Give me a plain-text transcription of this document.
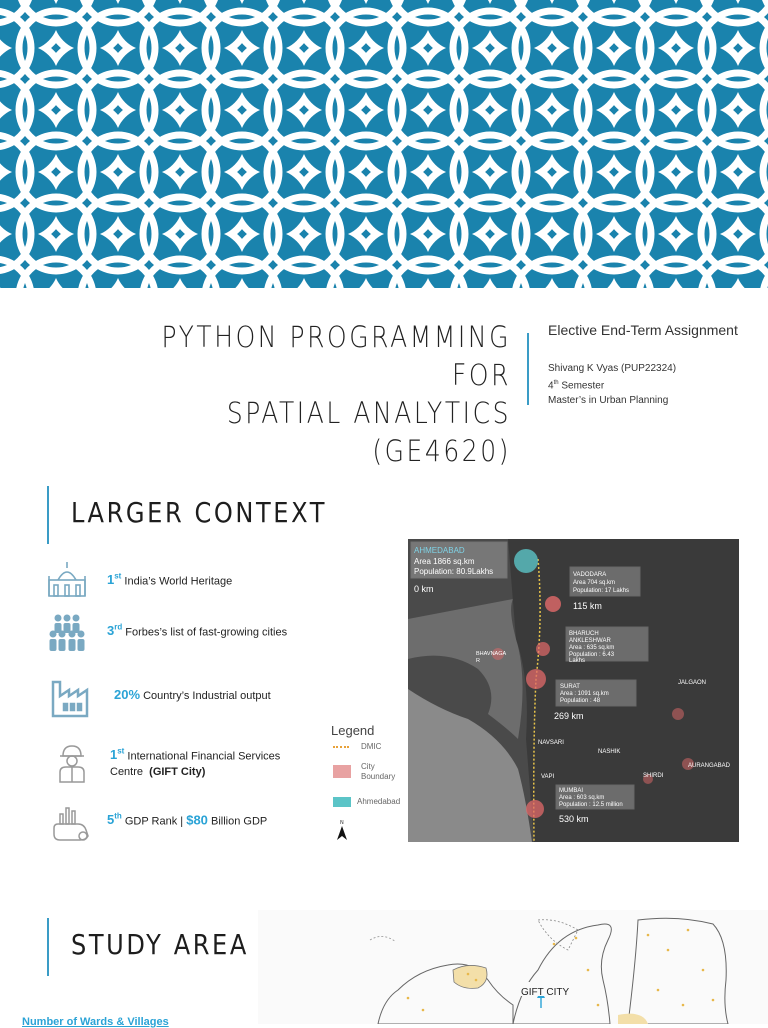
PYTHON PROGRAMMING FOR
SPATIAL ANALYTICS (GE4620)
Elective End-Term Assignment
Shivang K Vyas (PUP22324)
4th Semester
Master’s in Urban Planning
LARGER CONTEXT
1st India’s World Heritage
3rd Forbes’s list of fast-growing cities
20% Country’s Industrial output
1st International Financial Services
Centre (GIFT City)
5th GDP Rank | $80 Billion GDP
Legend
DMIC
City Boundary
Ahmedabad
N
AHMEDABAD
Area 1866 sq.km
Population: 80.9Lakhs
0 km
VADODARA
Area 704 sq.km
Population: 17 Lakhs
115 km
BHARUCH
ANKLESHWAR
Area : 635 sq.km
Population : 6.43
Lakhs
BHAVNAGA
R
SURAT
Area : 1091 sq.km
Population : 48
269 km
JALGAON
NAVSARI
NASHIK
AURANGABAD
VAPI	SHIRDI
MUMBAI
Area : 603 sq.km
Population : 12.5 million
530 km
STUDY AREA
GIFT CITY
Number of Wards & Villages
